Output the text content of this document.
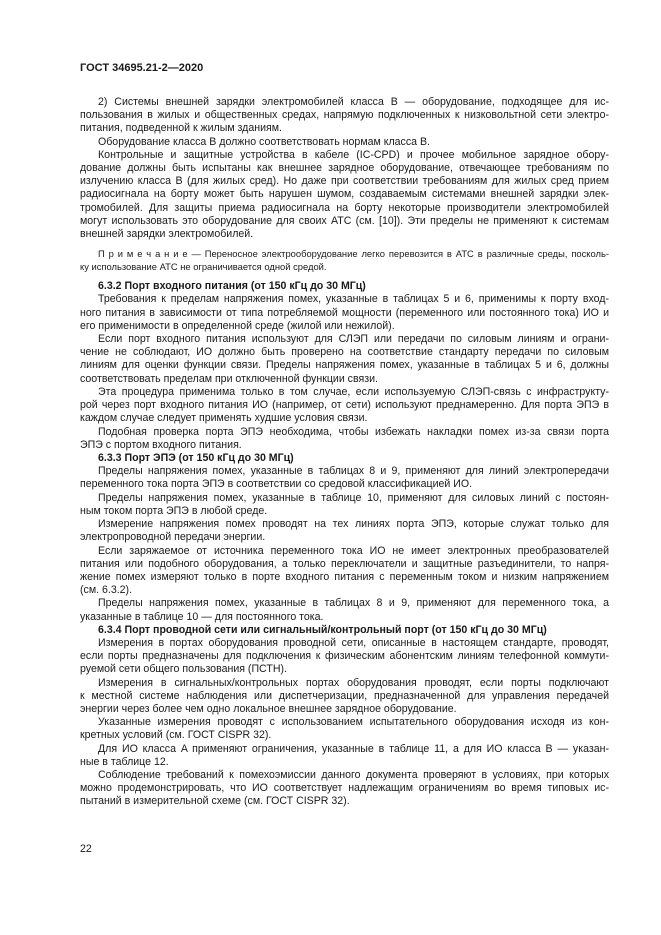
ГОСТ 34695.21-2—2020
2) Системы внешней зарядки электромобилей класса B — оборудование, подходящее для ис-
пользования в жилых и общественных средах, напрямую подключенных к низковольтной сети электро-
питания, подведенной к жилым зданиям.
Оборудование класса B должно соответствовать нормам класса B.
Контрольные и защитные устройства в кабеле (IC-CPD) и прочее мобильное зарядное обору-
дование должны быть испытаны как внешнее зарядное оборудование, отвечающее требованиям по
излучению класса B (для жилых сред). Но даже при соответствии требованиям для жилых сред прием
радиосигнала на борту может быть нарушен шумом, создаваемым системами внешней зарядки элек-
тромобилей. Для защиты приема радиосигнала на борту некоторые производители электромобилей
могут использовать это оборудование для своих АТС (см. [10]). Эти пределы не применяют к системам
внешней зарядки электромобилей.
П р и м е ч а н и е — Переносное электрооборудование легко перевозится в АТС в различные среды, посколь-
ку использование АТС не ограничивается одной средой.
6.3.2 Порт входного питания (от 150 кГц до 30 МГц)
Требования к пределам напряжения помех, указанные в таблицах 5 и 6, применимы к порту вход-
ного питания в зависимости от типа потребляемой мощности (переменного или постоянного тока) ИО и
его применимости в определенной среде (жилой или нежилой).
Если порт входного питания используют для СЛЭП или передачи по силовым линиям и ограни-
чение не соблюдают, ИО должно быть проверено на соответствие стандарту передачи по силовым
линиям для оценки функции связи. Пределы напряжения помех, указанные в таблицах 5 и 6, должны
соответствовать пределам при отключенной функции связи.
Эта процедура применима только в том случае, если используемую СЛЭП-связь с инфраструкту-
рой через порт входного питания ИО (например, от сети) используют преднамеренно. Для порта ЭПЭ в
каждом случае следует применять худшие условия связи.
Подобная проверка порта ЭПЭ необходима, чтобы избежать накладки помех из-за связи порта
ЭПЭ с портом входного питания.
6.3.3 Порт ЭПЭ (от 150 кГц до 30 МГц)
Пределы напряжения помех, указанные в таблицах 8 и 9, применяют для линий электропередачи
переменного тока порта ЭПЭ в соответствии со средовой классификацией ИО.
Пределы напряжения помех, указанные в таблице 10, применяют для силовых линий с постоян-
ным током порта ЭПЭ в любой среде.
Измерение напряжения помех проводят на тех линиях порта ЭПЭ, которые служат только для
электропроводной передачи энергии.
Если заряжаемое от источника переменного тока ИО не имеет электронных преобразователей
питания или подобного оборудования, а только переключатели и защитные разъединители, то напря-
жение помех измеряют только в порте входного питания с переменным током и низким напряжением
(см. 6.3.2).
Пределы напряжения помех, указанные в таблицах 8 и 9, применяют для переменного тока, а
указанные в таблице 10 — для постоянного тока.
6.3.4 Порт проводной сети или сигнальный/контрольный порт (от 150 кГц до 30 МГц)
Измерения в портах оборудования проводной сети, описанные в настоящем стандарте, проводят,
если порты предназначены для подключения к физическим абонентским линиям телефонной коммути-
руемой сети общего пользования (ПСТН).
Измерения в сигнальных/контрольных портах оборудования проводят, если порты подключают
к местной системе наблюдения или диспетчеризации, предназначенной для управления передачей
энергии через более чем одно локальное внешнее зарядное оборудование.
Указанные измерения проводят с использованием испытательного оборудования исходя из кон-
кретных условий (см. ГОСТ CISPR 32).
Для ИО класса A применяют ограничения, указанные в таблице 11, а для ИО класса B — указан-
ные в таблице 12.
Соблюдение требований к помехоэмиссии данного документа проверяют в условиях, при которых
можно продемонстрировать, что ИО соответствует надлежащим ограничениям во время типовых ис-
пытаний в измерительной схеме (см. ГОСТ CISPR 32).
22
